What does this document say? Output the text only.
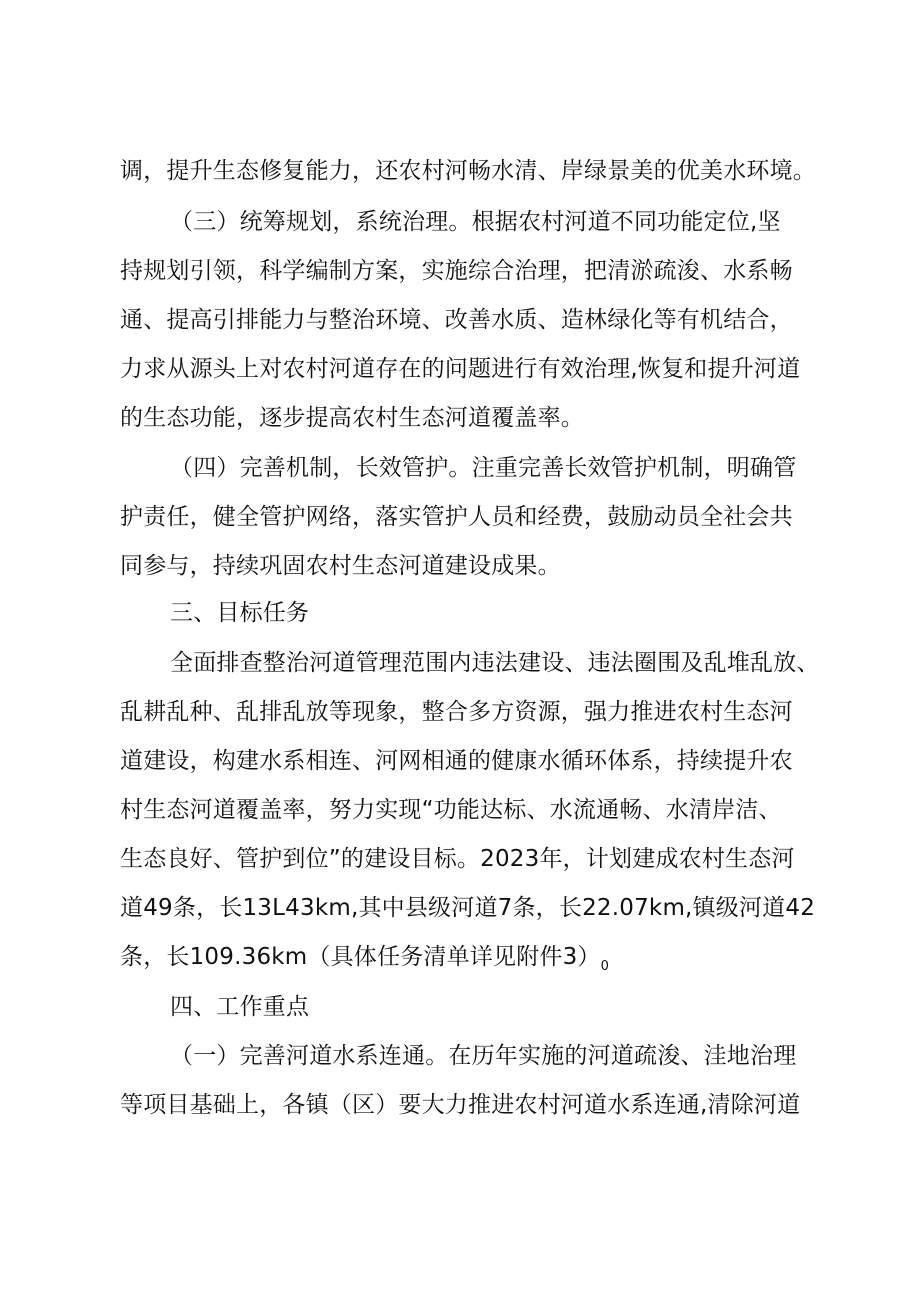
调，提升生态修复能力，还农村河畅水清、岸绿景美的优美水环境。
（三）统筹规划，系统治理。根据农村河道不同功能定位,坚
持规划引领，科学编制方案，实施综合治理，把清淤疏浚、水系畅
通、提高引排能力与整治环境、改善水质、造林绿化等有机结合，
力求从源头上对农村河道存在的问题进行有效治理,恢复和提升河道
的生态功能，逐步提高农村生态河道覆盖率。
（四）完善机制，长效管护。注重完善长效管护机制，明确管
护责任，健全管护网络，落实管护人员和经费，鼓励动员全社会共
同参与，持续巩固农村生态河道建设成果。
三、目标任务
全面排查整治河道管理范围内违法建设、违法圈围及乱堆乱放、
乱耕乱种、乱排乱放等现象，整合多方资源，强力推进农村生态河
道建设，构建水系相连、河网相通的健康水循环体系，持续提升农
村生态河道覆盖率，努力实现“功能达标、水流通畅、水清岸洁、
生态良好、管护到位”的建设目标。2023年，计划建成农村生态河
道49条，长13L43km,其中县级河道7条，长22.07km,镇级河道42
条，长109.36km（具体任务清单详见附件$3)_0$
四、工作重点
（一）完善河道水系连通。在历年实施的河道疏浚、洼地治理
等项目基础上，各镇（区）要大力推进农村河道水系连通,清除河道
